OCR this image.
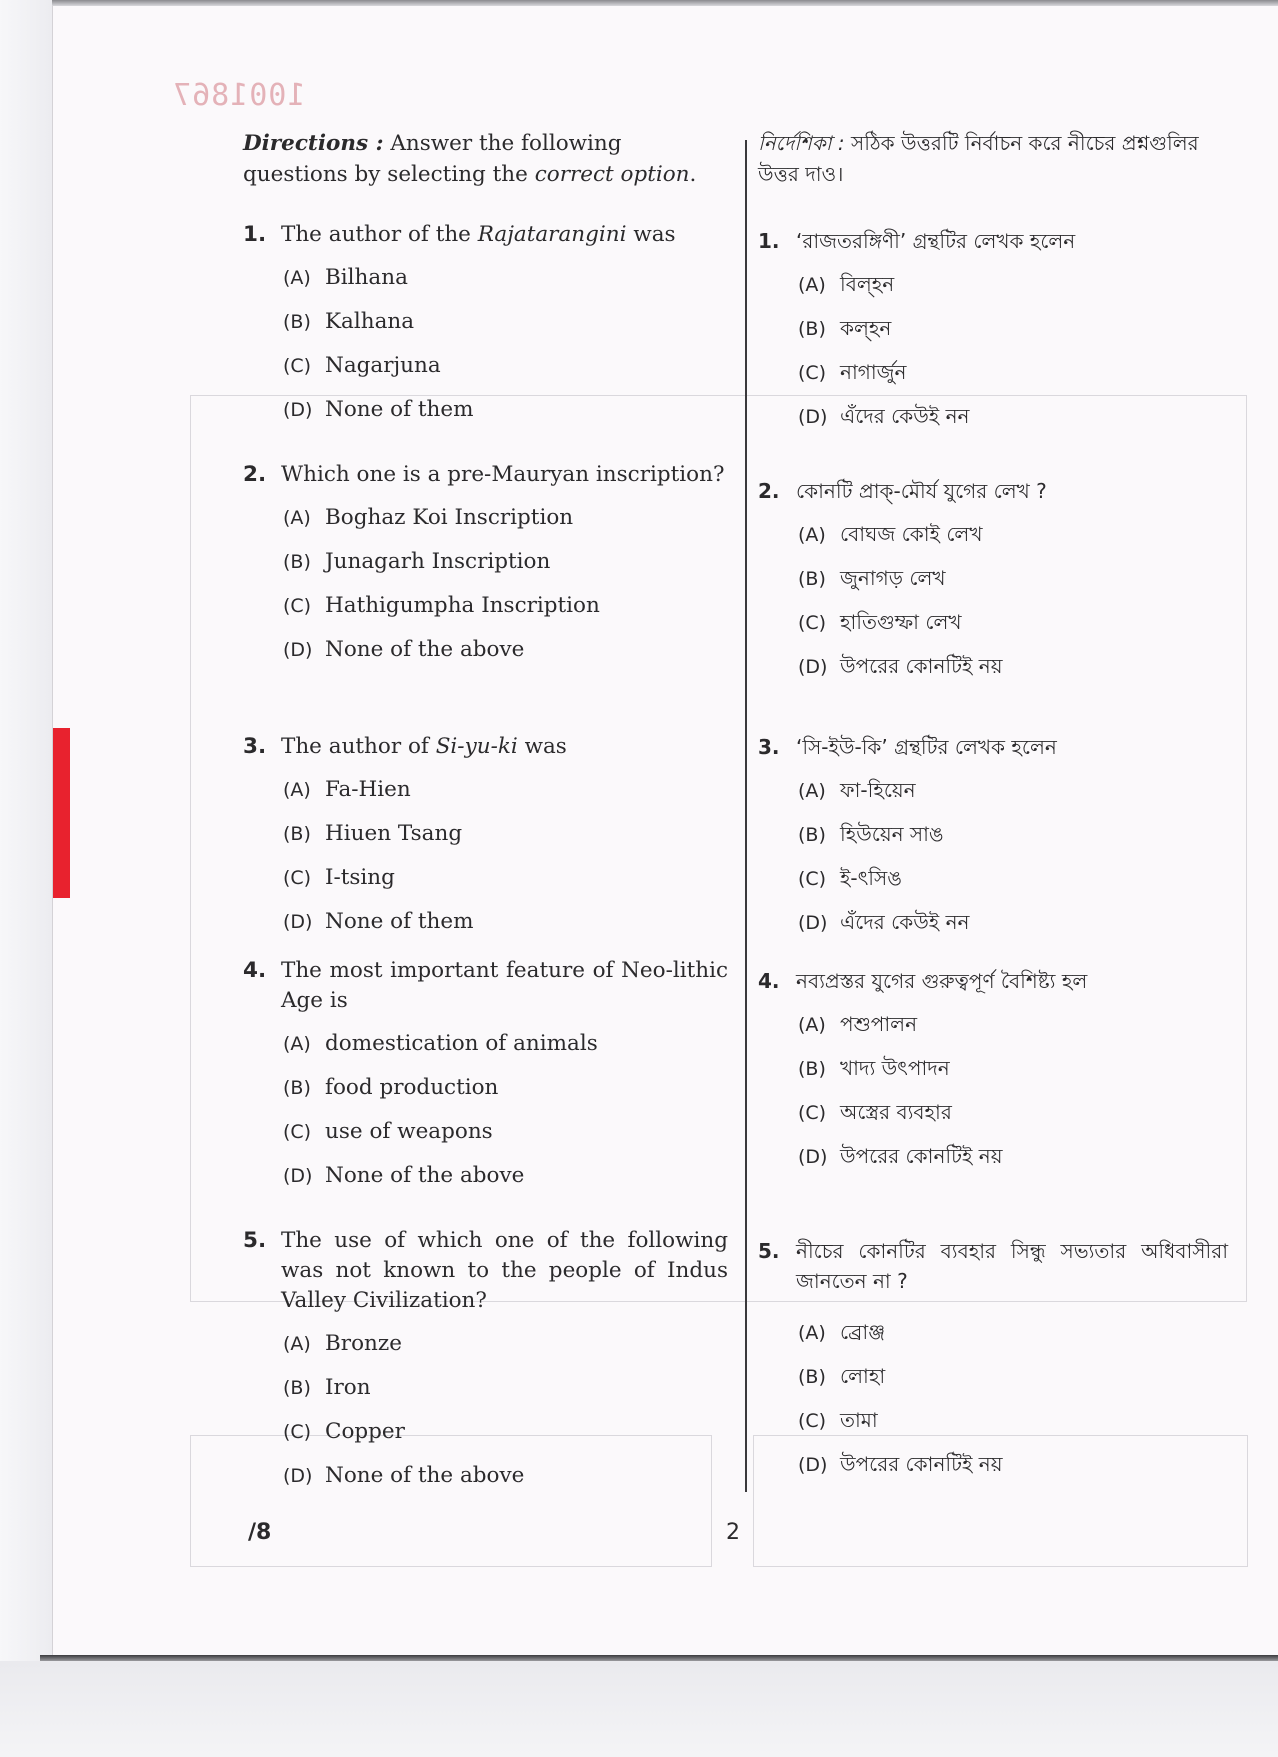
1001867
Directions : Answer the following questions by selecting the correct option.
1. The author of the Rajatarangini was
(A) Bilhana
(B) Kalhana
(C) Nagarjuna
(D) None of them
2. Which one is a pre-Mauryan inscription?
(A) Boghaz Koi Inscription
(B) Junagarh Inscription
(C) Hathigumpha Inscription
(D) None of the above
3. The author of Si-yu-ki was
(A) Fa-Hien
(B) Hiuen Tsang
(C) I-tsing
(D) None of them
4. The most important feature of Neo-lithic Age is
(A) domestication of animals
(B) food production
(C) use of weapons
(D) None of the above
5. The use of which one of the following was not known to the people of Indus Valley Civilization?
(A) Bronze
(B) Iron
(C) Copper
(D) None of the above
নির্দেশিকা : সঠিক উত্তরটি নির্বাচন করে নীচের প্রশ্নগুলির উত্তর দাও।
1. ‘রাজতরঙ্গিণী’ গ্রন্থটির লেখক হলেন
(A) বিল্হন
(B) কল্হন
(C) নাগার্জুন
(D) এঁদের কেউই নন
2. কোনটি প্রাক্-মৌর্য যুগের লেখ ?
(A) বোঘজ কোই লেখ
(B) জুনাগড় লেখ
(C) হাতিগুম্ফা লেখ
(D) উপরের কোনটিই নয়
3. ‘সি-ইউ-কি’ গ্রন্থটির লেখক হলেন
(A) ফা-হিয়েন
(B) হিউয়েন সাঙ
(C) ই-ৎসিঙ
(D) এঁদের কেউই নন
4. নব্যপ্রস্তর যুগের গুরুত্বপূর্ণ বৈশিষ্ট্য হল
(A) পশুপালন
(B) খাদ্য উৎপাদন
(C) অস্ত্রের ব্যবহার
(D) উপরের কোনটিই নয়
5. নীচের কোনটির ব্যবহার সিন্ধু সভ্যতার অধিবাসীরা জানতেন না ?
(A) ব্রোঞ্জ
(B) লোহা
(C) তামা
(D) উপরের কোনটিই নয়
/8	2
